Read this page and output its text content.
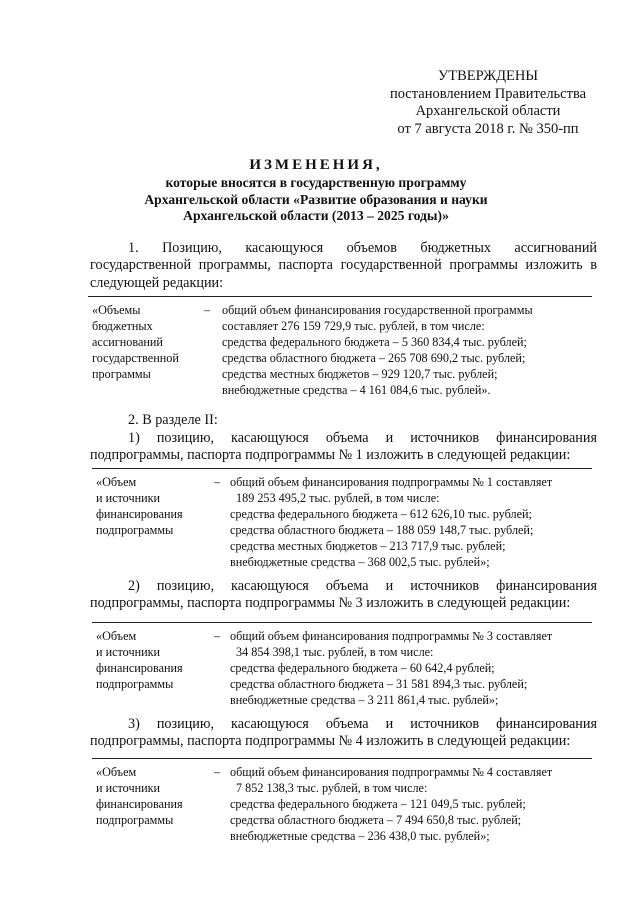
УТВЕРЖДЕНЫ
постановлением Правительства
Архангельской области
от 7 августа 2018 г. № 350-пп
ИЗМЕНЕНИЯ,
которые вносятся в государственную программу
Архангельской области «Развитие образования и науки
Архангельской области (2013 – 2025 годы)»
1. Позицию, касающуюся объемов бюджетных ассигнований государственной программы, паспорта государственной программы изложить в следующей редакции:
«Объемы
бюджетных
ассигнований
государственной
программы
– общий объем финансирования государственной программы
составляет 276 159 729,9 тыс. рублей, в том числе:
средства федерального бюджета – 5 360 834,4 тыс. рублей;
средства областного бюджета – 265 708 690,2 тыс. рублей;
средства местных бюджетов – 929 120,7 тыс. рублей;
внебюджетные средства – 4 161 084,6 тыс. рублей».
2. В разделе II:
1) позицию, касающуюся объема и источников финансирования подпрограммы, паспорта подпрограммы № 1 изложить в следующей редакции:
«Объем
и источники
финансирования
подпрограммы
– общий объем финансирования подпрограммы № 1 составляет
189 253 495,2 тыс. рублей, в том числе:
средства федерального бюджета – 612 626,10 тыс. рублей;
средства областного бюджета – 188 059 148,7 тыс. рублей;
средства местных бюджетов – 213 717,9 тыс. рублей;
внебюджетные средства – 368 002,5 тыс. рублей»;
2) позицию, касающуюся объема и источников финансирования подпрограммы, паспорта подпрограммы № 3 изложить в следующей редакции:
«Объем
и источники
финансирования
подпрограммы
– общий объем финансирования подпрограммы № 3 составляет
34 854 398,1 тыс. рублей, в том числе:
средства федерального бюджета – 60 642,4 рублей;
средства областного бюджета – 31 581 894,3 тыс. рублей;
внебюджетные средства – 3 211 861,4 тыс. рублей»;
3) позицию, касающуюся объема и источников финансирования подпрограммы, паспорта подпрограммы № 4 изложить в следующей редакции:
«Объем
и источники
финансирования
подпрограммы
– общий объем финансирования подпрограммы № 4 составляет
7 852 138,3 тыс. рублей, в том числе:
средства федерального бюджета – 121 049,5 тыс. рублей;
средства областного бюджета – 7 494 650,8 тыс. рублей;
внебюджетные средства – 236 438,0 тыс. рублей»;
